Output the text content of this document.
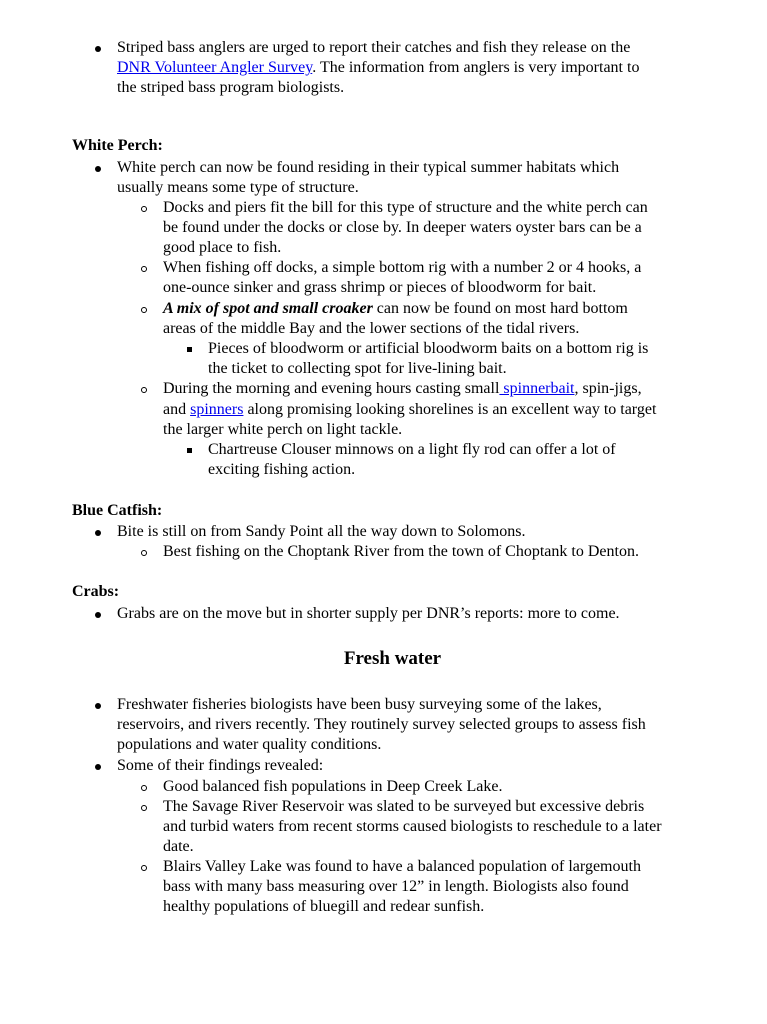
Striped bass anglers are urged to report their catches and fish they release on the
DNR Volunteer Angler Survey. The information from anglers is very important to
the striped bass program biologists.
White Perch:
White perch can now be found residing in their typical summer habitats which
usually means some type of structure.
Docks and piers fit the bill for this type of structure and the white perch can
be found under the docks or close by. In deeper waters oyster bars can be a
good place to fish.
When fishing off docks, a simple bottom rig with a number 2 or 4 hooks, a
one-ounce sinker and grass shrimp or pieces of bloodworm for bait.
A mix of spot and small croaker can now be found on most hard bottom
areas of the middle Bay and the lower sections of the tidal rivers.
Pieces of bloodworm or artificial bloodworm baits on a bottom rig is
the ticket to collecting spot for live-lining bait.
During the morning and evening hours casting small spinnerbait, spin-jigs,
and spinners along promising looking shorelines is an excellent way to target
the larger white perch on light tackle.
Chartreuse Clouser minnows on a light fly rod can offer a lot of
exciting fishing action.
Blue Catfish:
Bite is still on from Sandy Point all the way down to Solomons.
Best fishing on the Choptank River from the town of Choptank to Denton.
Crabs:
Grabs are on the move but in shorter supply per DNR’s reports: more to come.
Fresh water
Freshwater fisheries biologists have been busy surveying some of the lakes,
reservoirs, and rivers recently. They routinely survey selected groups to assess fish
populations and water quality conditions.
Some of their findings revealed:
Good balanced fish populations in Deep Creek Lake.
The Savage River Reservoir was slated to be surveyed but excessive debris
and turbid waters from recent storms caused biologists to reschedule to a later
date.
Blairs Valley Lake was found to have a balanced population of largemouth
bass with many bass measuring over 12” in length. Biologists also found
healthy populations of bluegill and redear sunfish.
